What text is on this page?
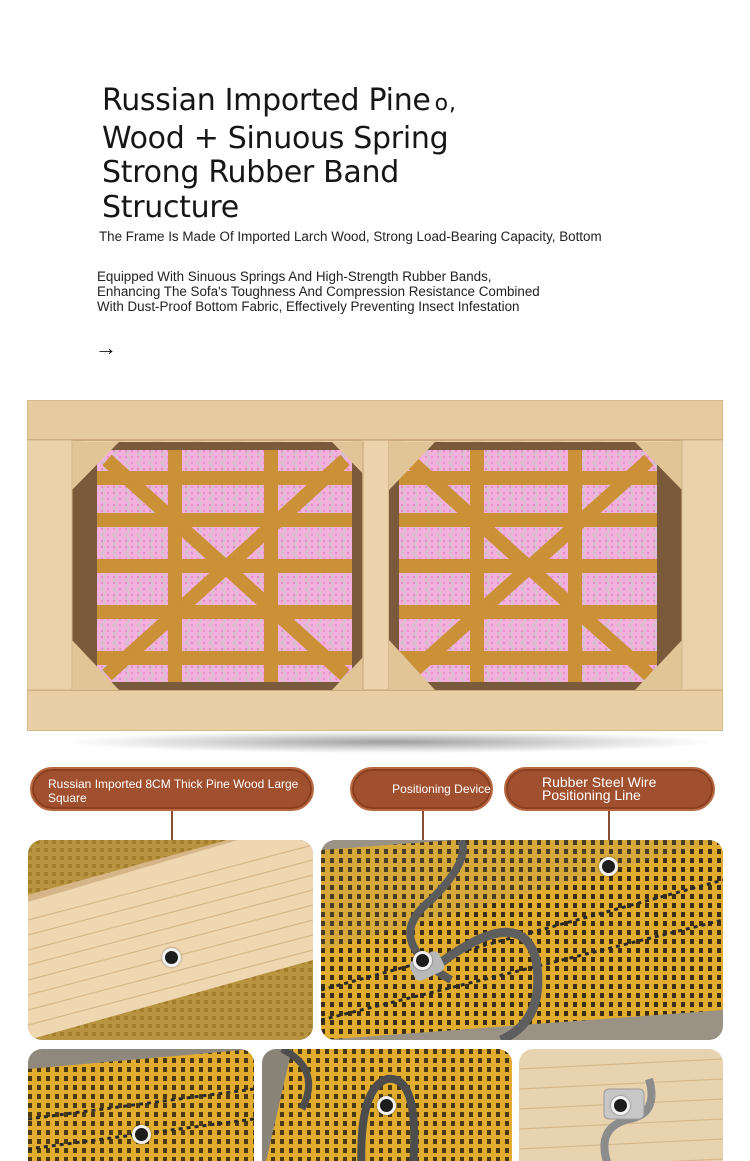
Russian Imported Pine o,
Wood + Sinuous Spring
Strong Rubber Band
Structure

The Frame Is Made Of Imported Larch Wood, Strong Load-Bearing Capacity, Bottom

Equipped With Sinuous Springs And High-Strength Rubber Bands,
Enhancing The Sofa's Toughness And Compression Resistance Combined
With Dust-Proof Bottom Fabric, Effectively Preventing Insect Infestation

→
Russian Imported 8CM Thick Pine Wood Large Square
Positioning Device	Rubber Steel Wire Positioning Line
